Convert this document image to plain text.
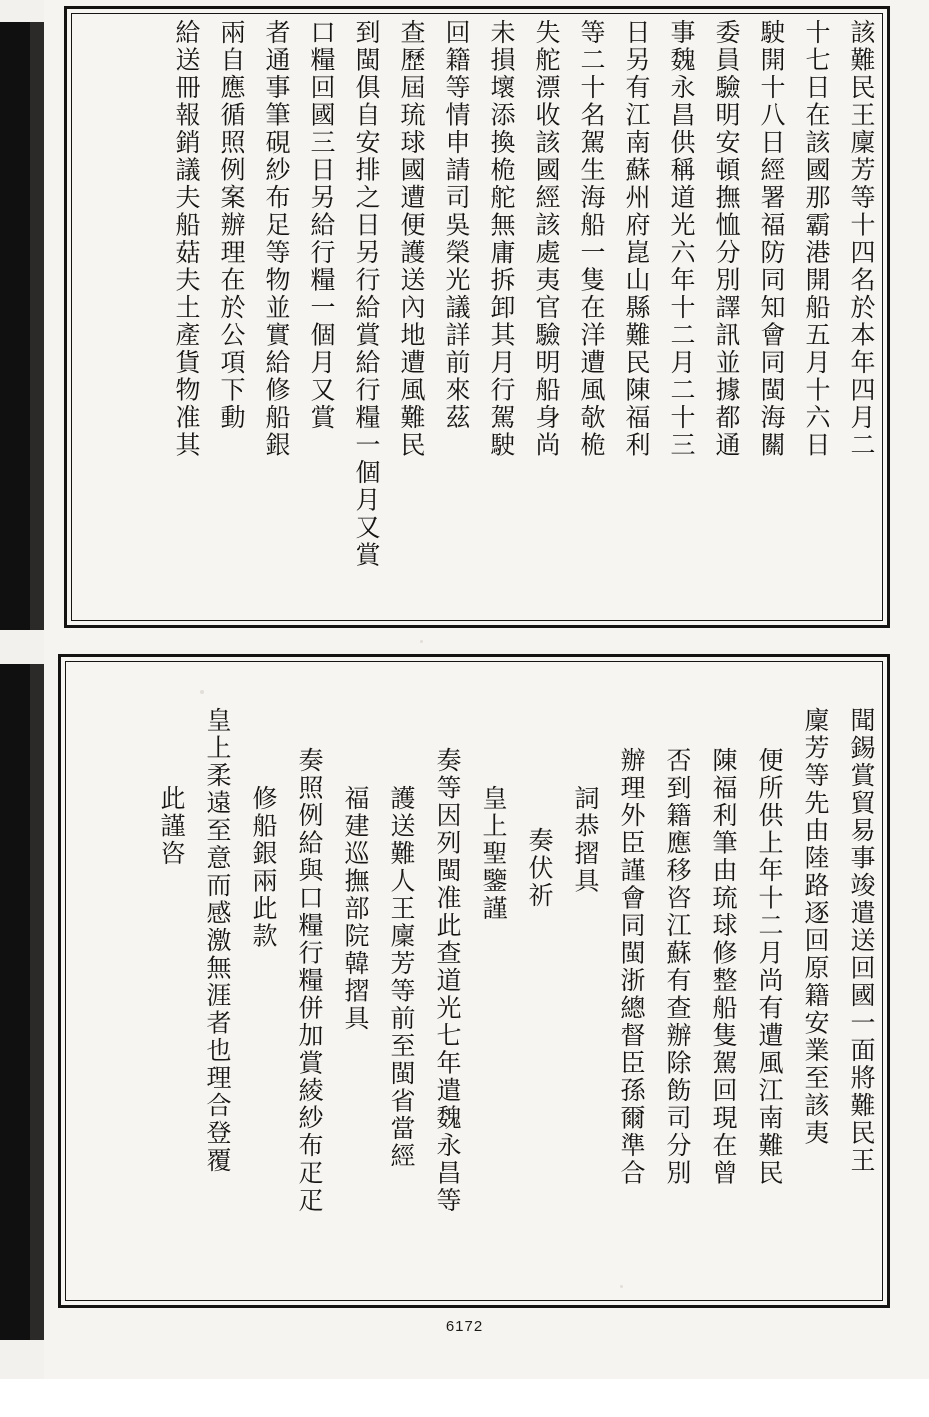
該難民王廩芳等十四名於本年四月二
十七日在該國那霸港開船五月十六日
駛開十八日經署福防同知會同閩海關
委員驗明安頓撫恤分別譯訊並據都通
事魏永昌供稱道光六年十二月二十三
日另有江南蘇州府崑山縣難民陳福利
等二十名駕生海船一隻在洋遭風欹桅
失舵漂收該國經該處夷官驗明船身尚
未損壞添換桅舵無庸拆卸其月行駕駛
回籍等情申請司吳榮光議詳前來茲
查歷屆琉球國遭便護送內地遭風難民
到閩俱自安排之日另行給賞給行糧一個月又賞
口糧回國三日另給行糧一個月又賞
者通事筆硯紗布足等物並實給修船銀
兩自應循照例案辦理在於公項下動
給送冊報銷議夫船菇夫土產貨物准其
聞錫賞貿易事竣遣送回國一面將難民王
廩芳等先由陸路逐回原籍安業至該夷
便所供上年十二月尚有遭風江南難民
陳福利筆由琉球修整船隻駕回現在曾
否到籍應移咨江蘇有查辦除飭司分別
辦理外臣謹會同閩浙總督臣孫爾準合
詞恭摺具
奏伏祈
皇上聖鑒謹
奏等因列閩准此查道光七年遣魏永昌等
護送難人王廩芳等前至閩省當經
福建巡撫部院韓摺具
奏照例給與口糧行糧併加賞綾紗布疋疋
修船銀兩此款
皇上柔遠至意而感激無涯者也理合登覆
此謹咨
6172
